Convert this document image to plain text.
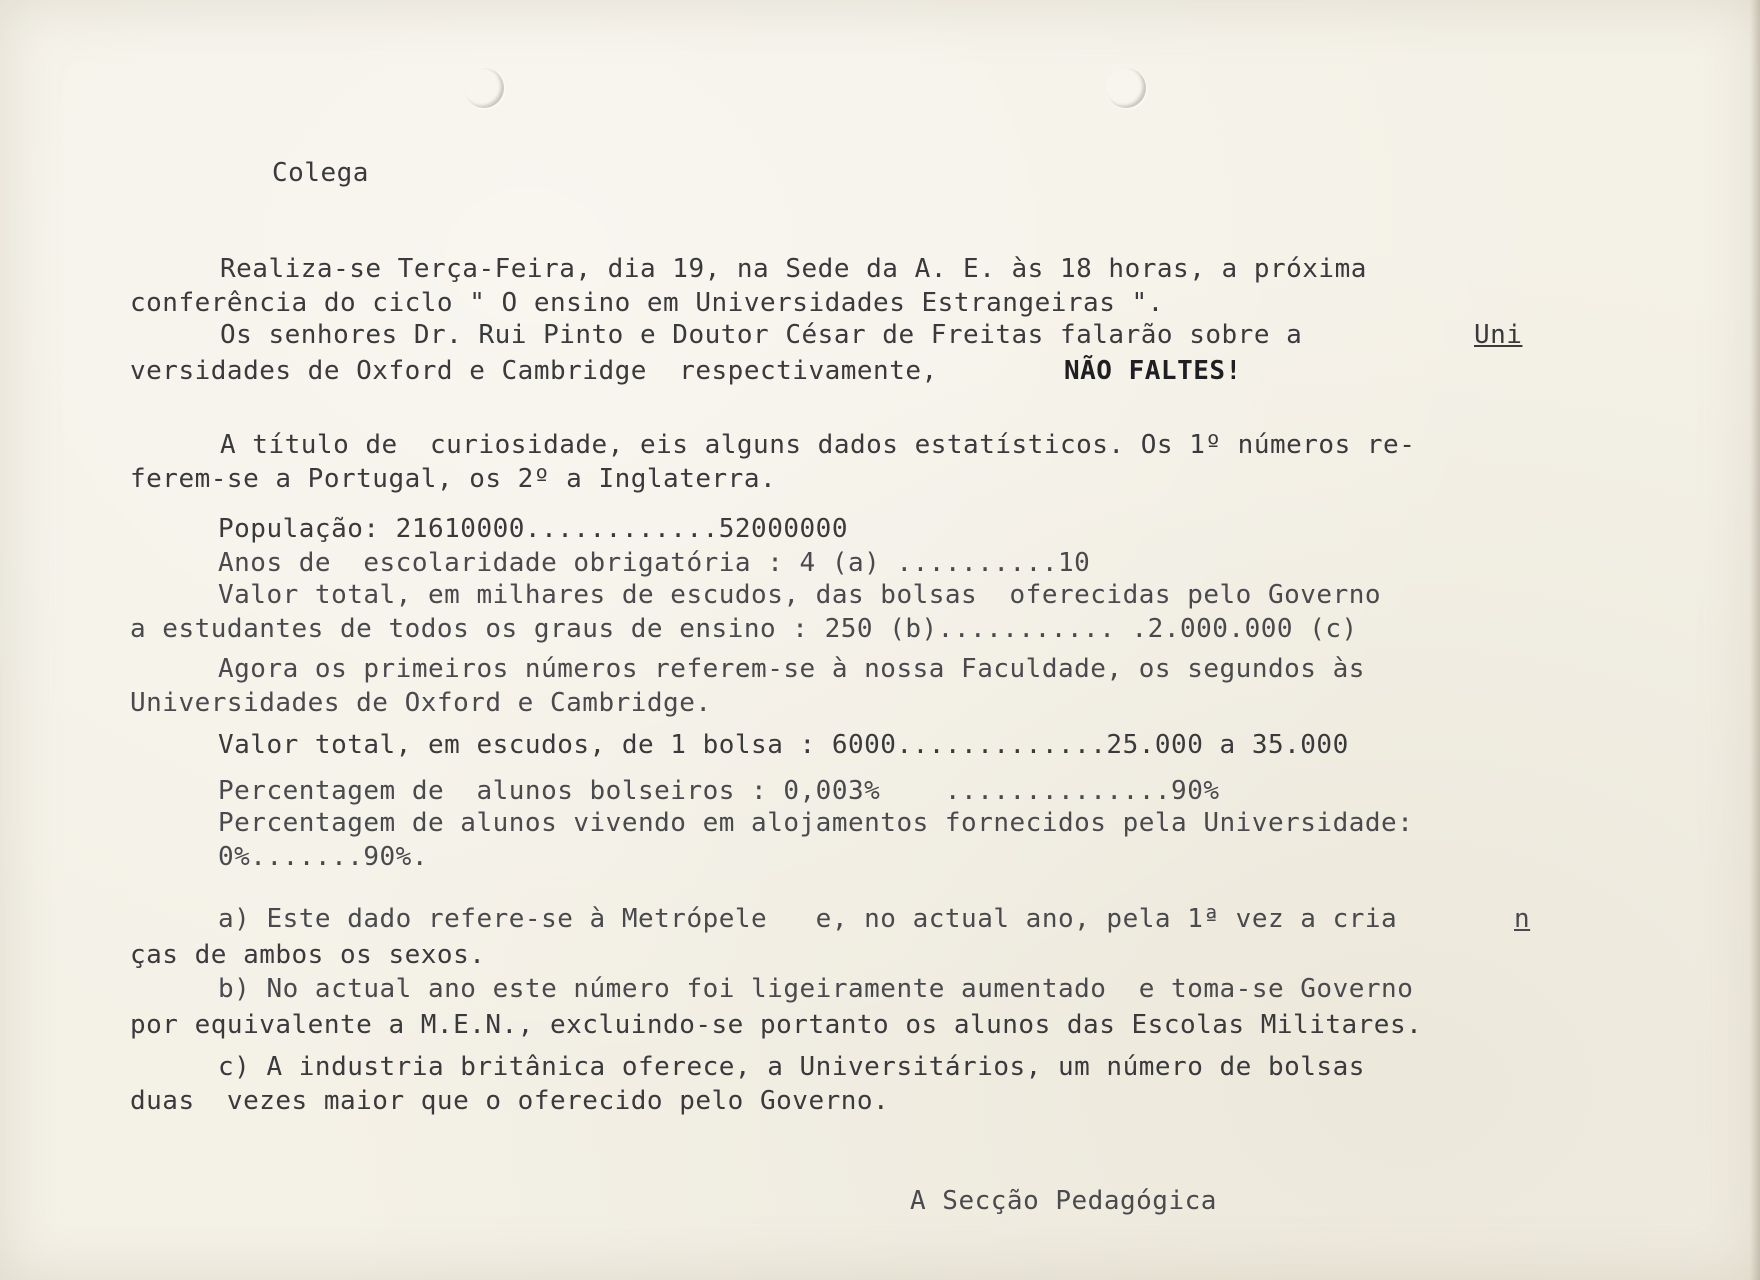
Colega
Realiza-se Terça-Feira, dia 19, na Sede da A. E. às 18 horas, a próxima
conferência do ciclo " O ensino em Universidades Estrangeiras ".
Os senhores Dr. Rui Pinto e Doutor César de Freitas falarão sobre a	Uni
versidades de Oxford e Cambridge  respectivamente,	NÃO FALTES!
A título de  curiosidade, eis alguns dados estatísticos. Os 1º números re-
ferem-se a Portugal, os 2º a Inglaterra.
População: 21610000............52000000
Anos de  escolaridade obrigatória : 4 (a) ..........10
Valor total, em milhares de escudos, das bolsas  oferecidas pelo Governo
a estudantes de todos os graus de ensino : 250 (b)........... .2.000.000 (c)
Agora os primeiros números referem-se à nossa Faculdade, os segundos às
Universidades de Oxford e Cambridge.
Valor total, em escudos, de 1 bolsa : 6000.............25.000 a 35.000
Percentagem de  alunos bolseiros : 0,003%    ..............90%
Percentagem de alunos vivendo em alojamentos fornecidos pela Universidade:
0%.......90%.
a) Este dado refere-se à Metrópele   e, no actual ano, pela 1ª vez a cria	n
ças de ambos os sexos.
b) No actual ano este número foi ligeiramente aumentado  e toma-se Governo
por equivalente a M.E.N., excluindo-se portanto os alunos das Escolas Militares.
c) A industria britânica oferece, a Universitários, um número de bolsas
duas  vezes maior que o oferecido pelo Governo.
A Secção Pedagógica
